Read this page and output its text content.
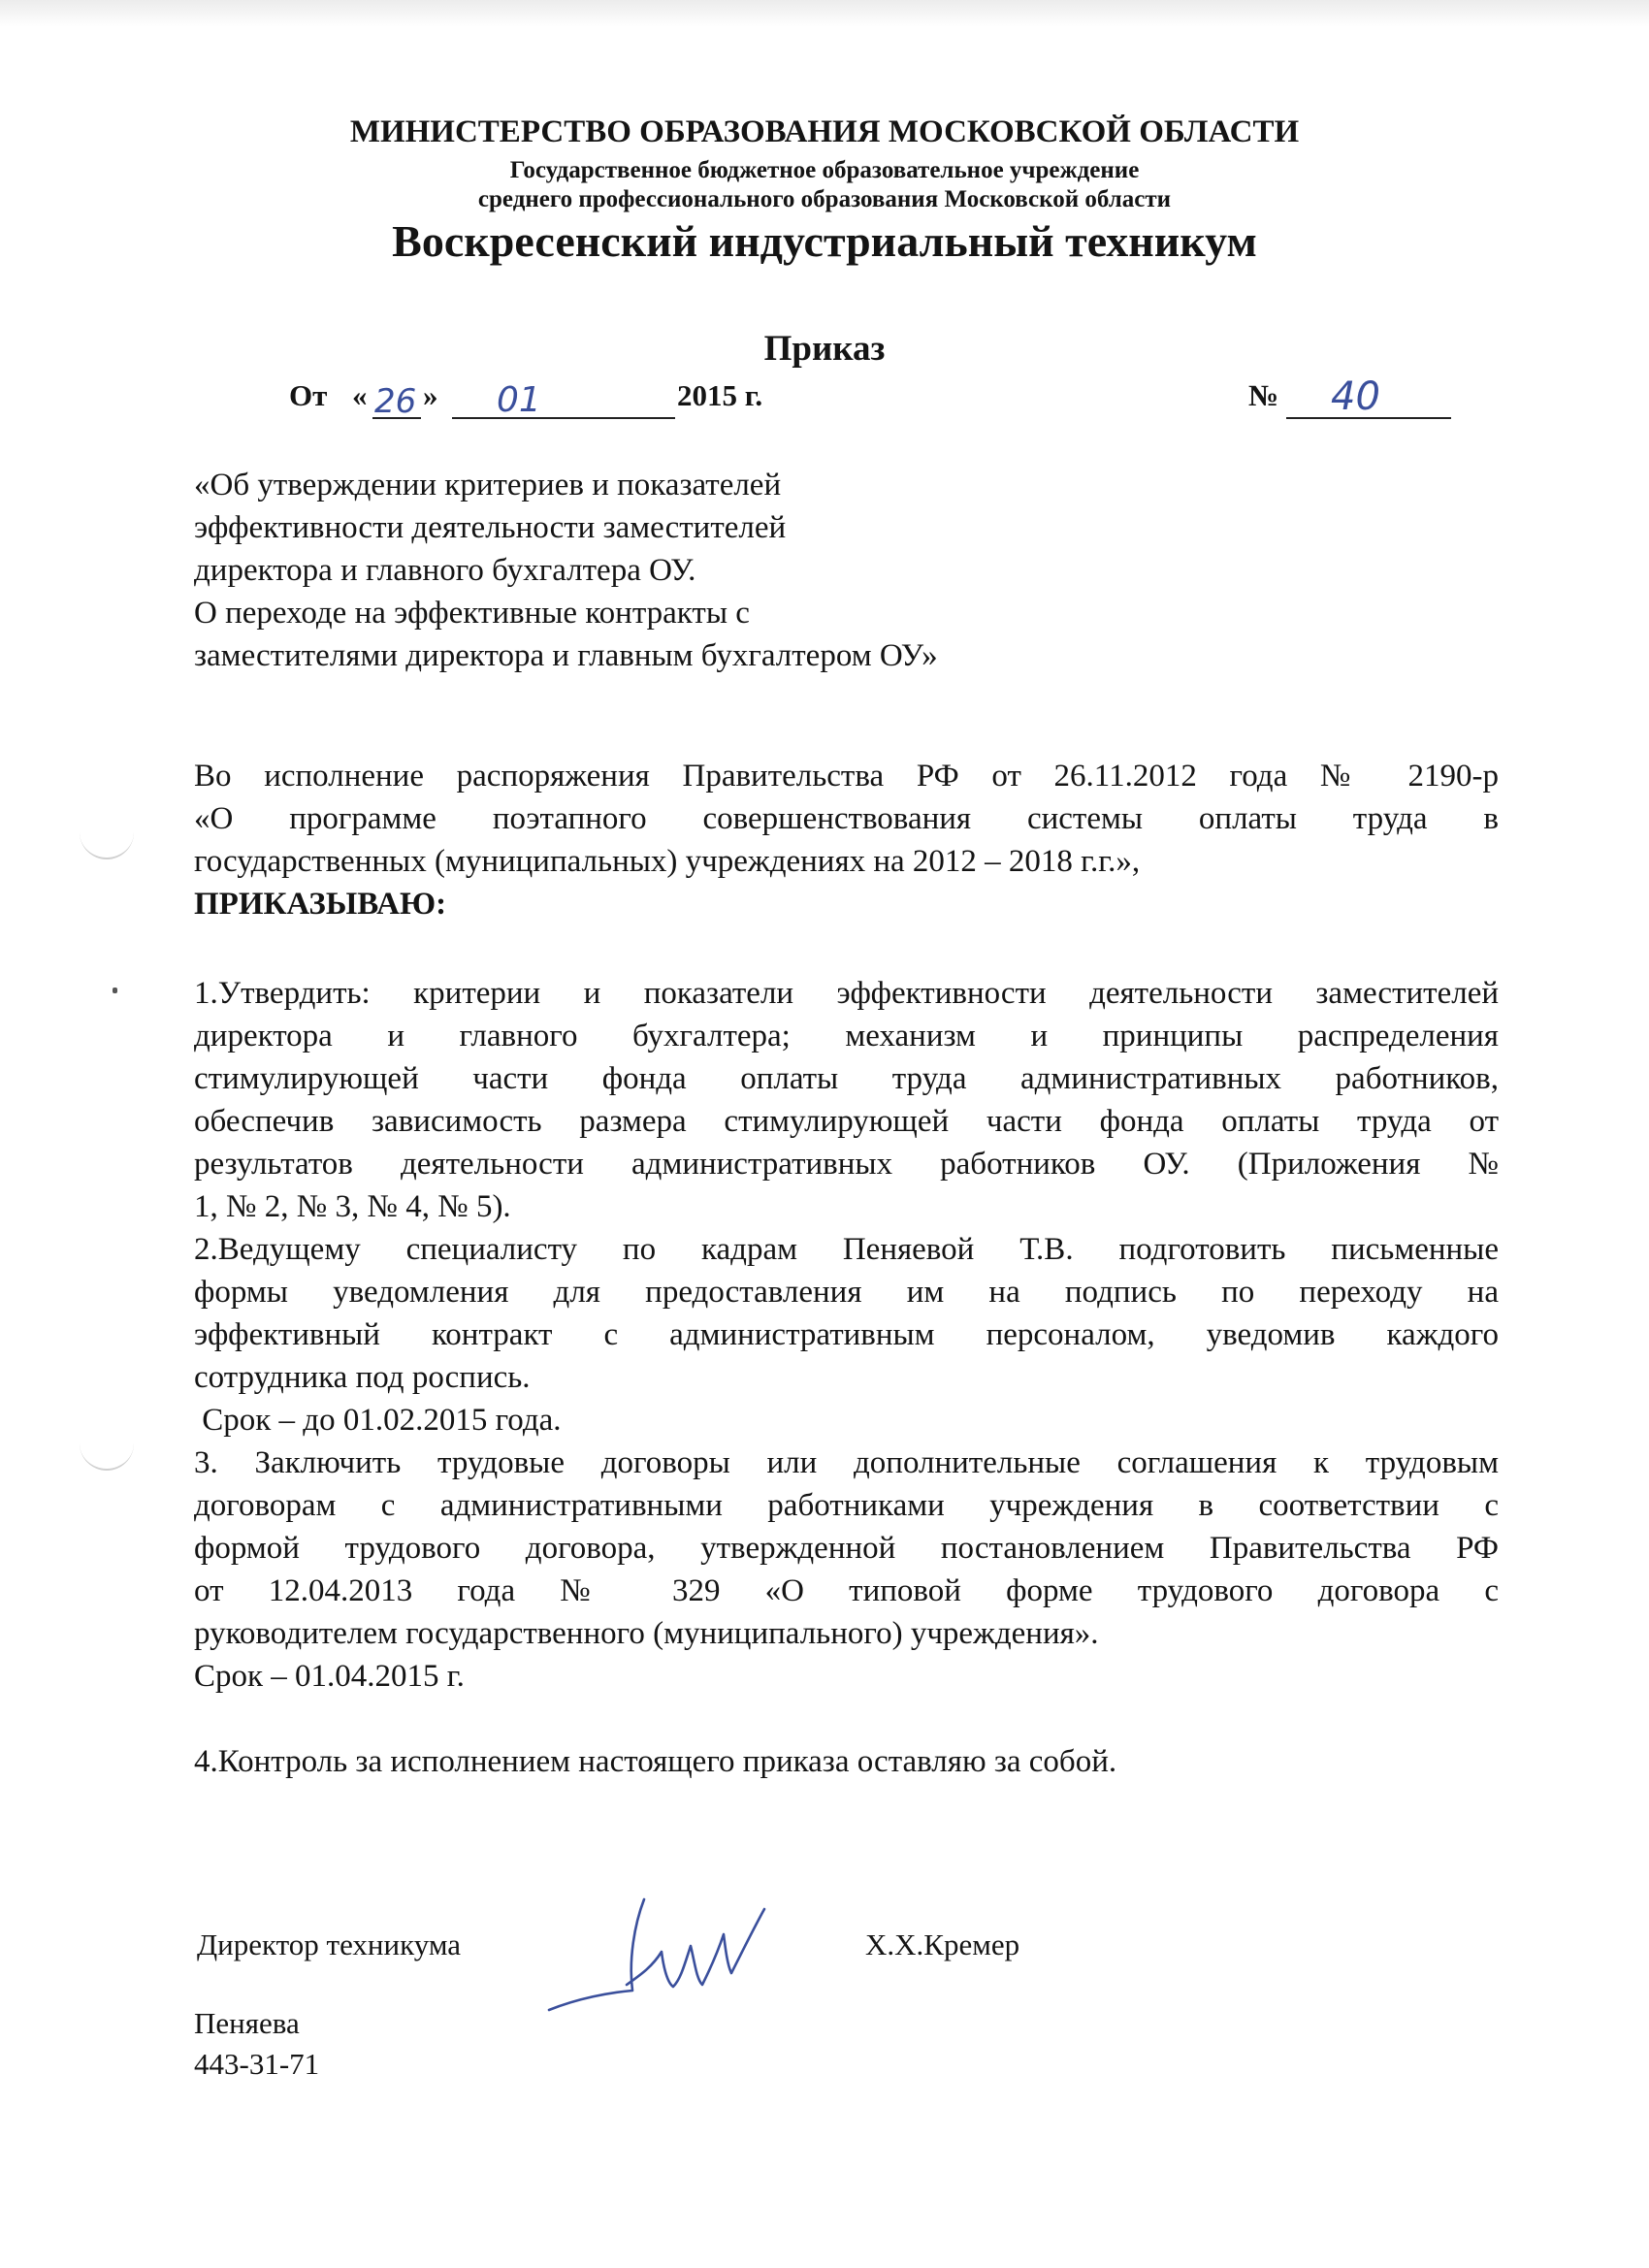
МИНИСТЕРСТВО ОБРАЗОВАНИЯ МОСКОВСКОЙ ОБЛАСТИ
Государственное бюджетное образовательное учреждение
среднего профессионального образования Московской области
Воскресенский индустриальный техникум
Приказ
От « 26 » 01	2015 г.	№ 40
«Об утверждении критериев и показателей
эффективности деятельности заместителей
директора и главного бухгалтера ОУ.
О переходе на эффективные контракты с
заместителями директора и главным бухгалтером ОУ»
Во исполнение распоряжения Правительства РФ от 26.11.2012 года № 2190-р
«О программе поэтапного совершенствования системы оплаты труда в
государственных (муниципальных) учреждениях на 2012 – 2018 г.г.»,
ПРИКАЗЫВАЮ:
1.Утвердить: критерии и показатели эффективности деятельности заместителей
директора и главного бухгалтера; механизм и принципы распределения
стимулирующей части фонда оплаты труда административных работников,
обеспечив зависимость размера стимулирующей части фонда оплаты труда от
результатов деятельности административных работников ОУ. (Приложения №
1, № 2, № 3, № 4, № 5).
2.Ведущему специалисту по кадрам Пеняевой Т.В. подготовить письменные
формы уведомления для предоставления им на подпись по переходу на
эффективный контракт с административным персоналом, уведомив каждого
сотрудника под роспись.
Срок – до 01.02.2015 года.
3. Заключить трудовые договоры или дополнительные соглашения к трудовым
договорам с административными работниками учреждения в соответствии с
формой трудового договора, утвержденной постановлением Правительства РФ
от 12.04.2013 года № 329 «О типовой форме трудового договора с
руководителем государственного (муниципального) учреждения».
Срок – 01.04.2015 г.
4.Контроль за исполнением настоящего приказа оставляю за собой.
Директор техникума	Х.Х.Кремер
Пеняева
443-31-71
